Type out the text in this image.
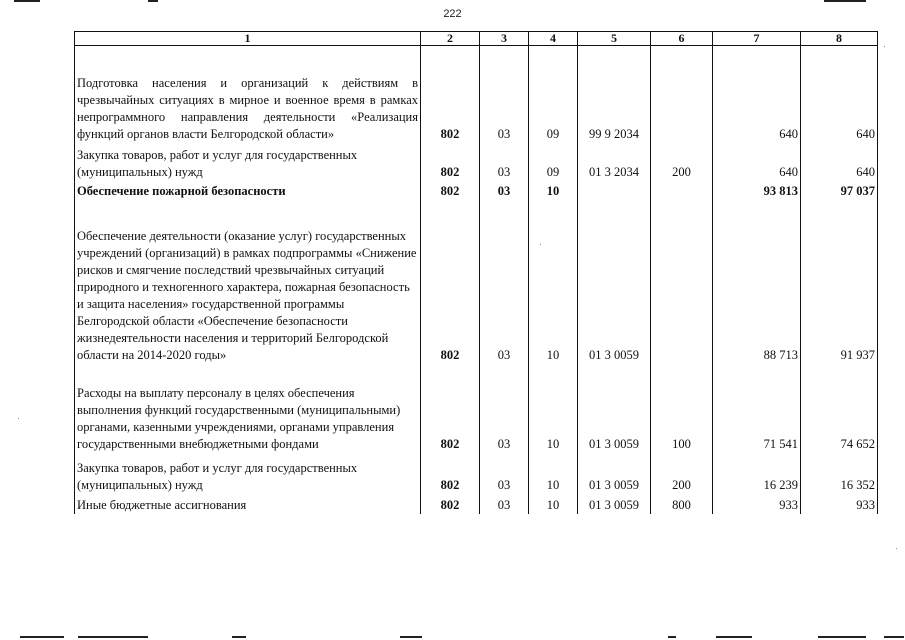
222
1	2	3	4	5	6	7	8
Подготовка населения и организаций к действиям в чрезвычайных ситуациях в мирное и военное время в рамках непрограммного направления деятельности «Реализация функций органов власти Белгородской области»	802	03	09	99 9 2034		640	640
Закупка товаров, работ и услуг для государственных (муниципальных) нужд	802	03	09	01 3 2034	200	640	640
Обеспечение пожарной безопасности	802	03	10			93 813	97 037
Обеспечение деятельности (оказание услуг) государственных учреждений (организаций) в рамках подпрограммы «Снижение рисков и смягчение последствий чрезвычайных ситуаций природного и техногенного характера, пожарная безопасность и защита населения» государственной программы Белгородской области «Обеспечение безопасности жизнедеятельности населения и территорий Белгородской области на 2014-2020 годы»	802	03	10	01 3 0059		88 713	91 937
Расходы на выплату персоналу в целях обеспечения выполнения функций государственными (муниципальными) органами, казенными учреждениями, органами управления государственными внебюджетными фондами	802	03	10	01 3 0059	100	71 541	74 652
Закупка товаров, работ и услуг для государственных (муниципальных) нужд	802	03	10	01 3 0059	200	16 239	16 352
Иные бюджетные ассигнования	802	03	10	01 3 0059	800	933	933
